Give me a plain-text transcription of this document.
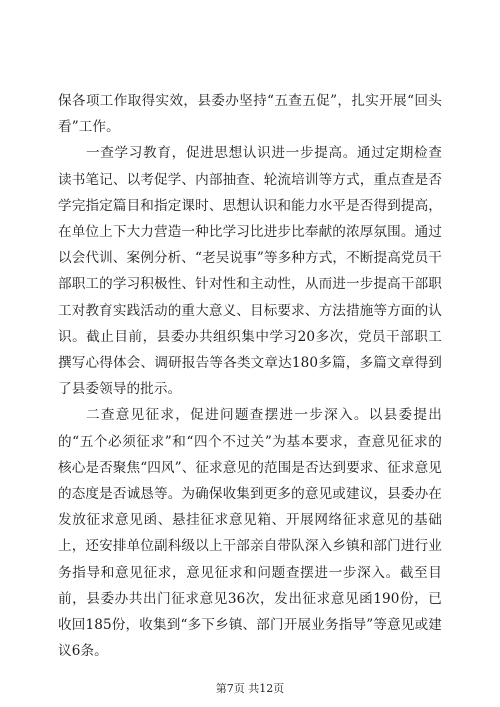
保各项工作取得实效，县委办坚持“五查五促”，扎实开展“回头看”工作。

一查学习教育，促进思想认识进一步提高。通过定期检查读书笔记、以考促学、内部抽查、轮流培训等方式，重点查是否学完指定篇目和指定课时、思想认识和能力水平是否得到提高，在单位上下大力营造一种比学习比进步比奉献的浓厚氛围。通过以会代训、案例分析、“老吴说事”等多种方式，不断提高党员干部职工的学习积极性、针对性和主动性，从而进一步提高干部职工对教育实践活动的重大意义、目标要求、方法措施等方面的认识。截止目前，县委办共组织集中学习20多次，党员干部职工撰写心得体会、调研报告等各类文章达180多篇，多篇文章得到了县委领导的批示。

二查意见征求，促进问题查摆进一步深入。以县委提出的“五个必须征求”和“四个不过关”为基本要求，查意见征求的核心是否聚焦“四风”、征求意见的范围是否达到要求、征求意见的态度是否诚恳等。为确保收集到更多的意见或建议，县委办在发放征求意见函、悬挂征求意见箱、开展网络征求意见的基础上，还安排单位副科级以上干部亲自带队深入乡镇和部门进行业务指导和意见征求，意见征求和问题查摆进一步深入。截至目前，县委办共出门征求意见36次，发出征求意见函190份，已收回185份，收集到“多下乡镇、部门开展业务指导”等意见或建议6条。

第7页 共12页
